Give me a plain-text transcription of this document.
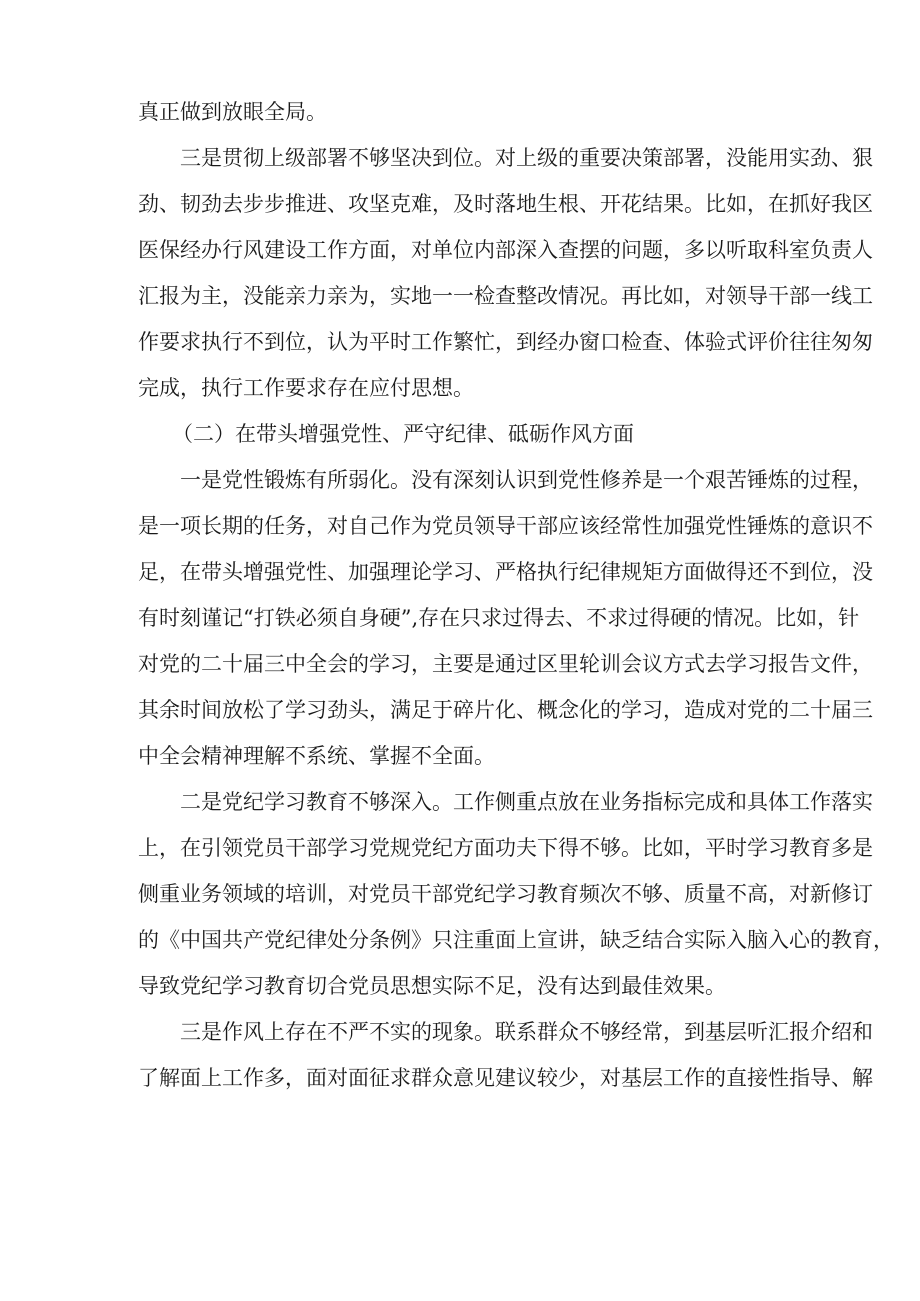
真正做到放眼全局。
三是贯彻上级部署不够坚决到位。对上级的重要决策部署，没能用实劲、狠
劲、韧劲去步步推进、攻坚克难，及时落地生根、开花结果。比如，在抓好我区
医保经办行风建设工作方面，对单位内部深入查摆的问题，多以听取科室负责人
汇报为主，没能亲力亲为，实地一一检查整改情况。再比如，对领导干部一线工
作要求执行不到位，认为平时工作繁忙，到经办窗口检查、体验式评价往往匆匆
完成，执行工作要求存在应付思想。
（二）在带头增强党性、严守纪律、砥砺作风方面
一是党性锻炼有所弱化。没有深刻认识到党性修养是一个艰苦锤炼的过程，
是一项长期的任务，对自己作为党员领导干部应该经常性加强党性锤炼的意识不
足，在带头增强党性、加强理论学习、严格执行纪律规矩方面做得还不到位，没
有时刻谨记“打铁必须自身硬”,存在只求过得去、不求过得硬的情况。比如，针
对党的二十届三中全会的学习，主要是通过区里轮训会议方式去学习报告文件，
其余时间放松了学习劲头，满足于碎片化、概念化的学习，造成对党的二十届三
中全会精神理解不系统、掌握不全面。
二是党纪学习教育不够深入。工作侧重点放在业务指标完成和具体工作落实
上，在引领党员干部学习党规党纪方面功夫下得不够。比如，平时学习教育多是
侧重业务领域的培训，对党员干部党纪学习教育频次不够、质量不高，对新修订
的《中国共产党纪律处分条例》只注重面上宣讲，缺乏结合实际入脑入心的教育，
导致党纪学习教育切合党员思想实际不足，没有达到最佳效果。
三是作风上存在不严不实的现象。联系群众不够经常，到基层听汇报介绍和
了解面上工作多，面对面征求群众意见建议较少，对基层工作的直接性指导、解
